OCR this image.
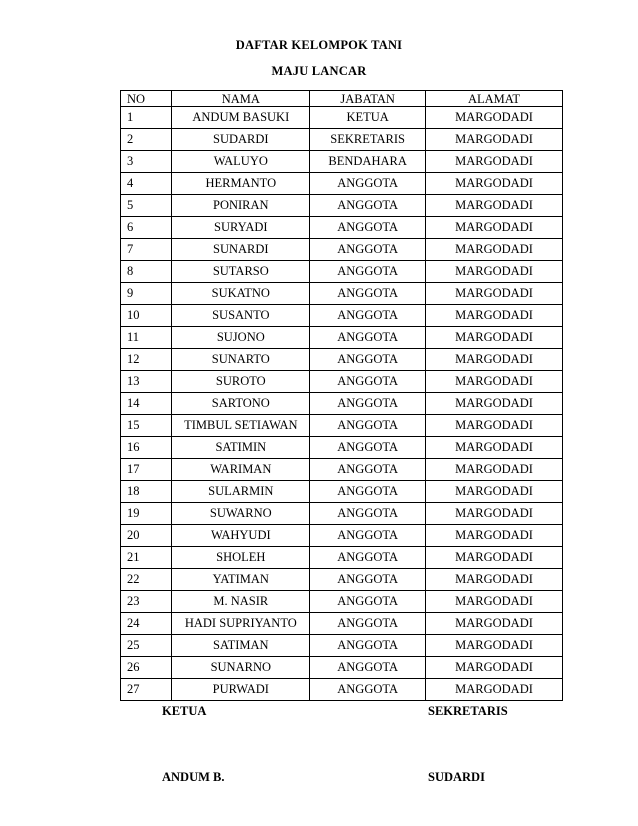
DAFTAR KELOMPOK TANI
MAJU LANCAR
NO	NAMA	JABATAN	ALAMAT
1	ANDUM BASUKI	KETUA	MARGODADI
2	SUDARDI	SEKRETARIS	MARGODADI
3	WALUYO	BENDAHARA	MARGODADI
4	HERMANTO	ANGGOTA	MARGODADI
5	PONIRAN	ANGGOTA	MARGODADI
6	SURYADI	ANGGOTA	MARGODADI
7	SUNARDI	ANGGOTA	MARGODADI
8	SUTARSO	ANGGOTA	MARGODADI
9	SUKATNO	ANGGOTA	MARGODADI
10	SUSANTO	ANGGOTA	MARGODADI
11	SUJONO	ANGGOTA	MARGODADI
12	SUNARTO	ANGGOTA	MARGODADI
13	SUROTO	ANGGOTA	MARGODADI
14	SARTONO	ANGGOTA	MARGODADI
15	TIMBUL SETIAWAN	ANGGOTA	MARGODADI
16	SATIMIN	ANGGOTA	MARGODADI
17	WARIMAN	ANGGOTA	MARGODADI
18	SULARMIN	ANGGOTA	MARGODADI
19	SUWARNO	ANGGOTA	MARGODADI
20	WAHYUDI	ANGGOTA	MARGODADI
21	SHOLEH	ANGGOTA	MARGODADI
22	YATIMAN	ANGGOTA	MARGODADI
23	M. NASIR	ANGGOTA	MARGODADI
24	HADI SUPRIYANTO	ANGGOTA	MARGODADI
25	SATIMAN	ANGGOTA	MARGODADI
26	SUNARNO	ANGGOTA	MARGODADI
27	PURWADI	ANGGOTA	MARGODADI
KETUA	SEKRETARIS
ANDUM B.	SUDARDI
